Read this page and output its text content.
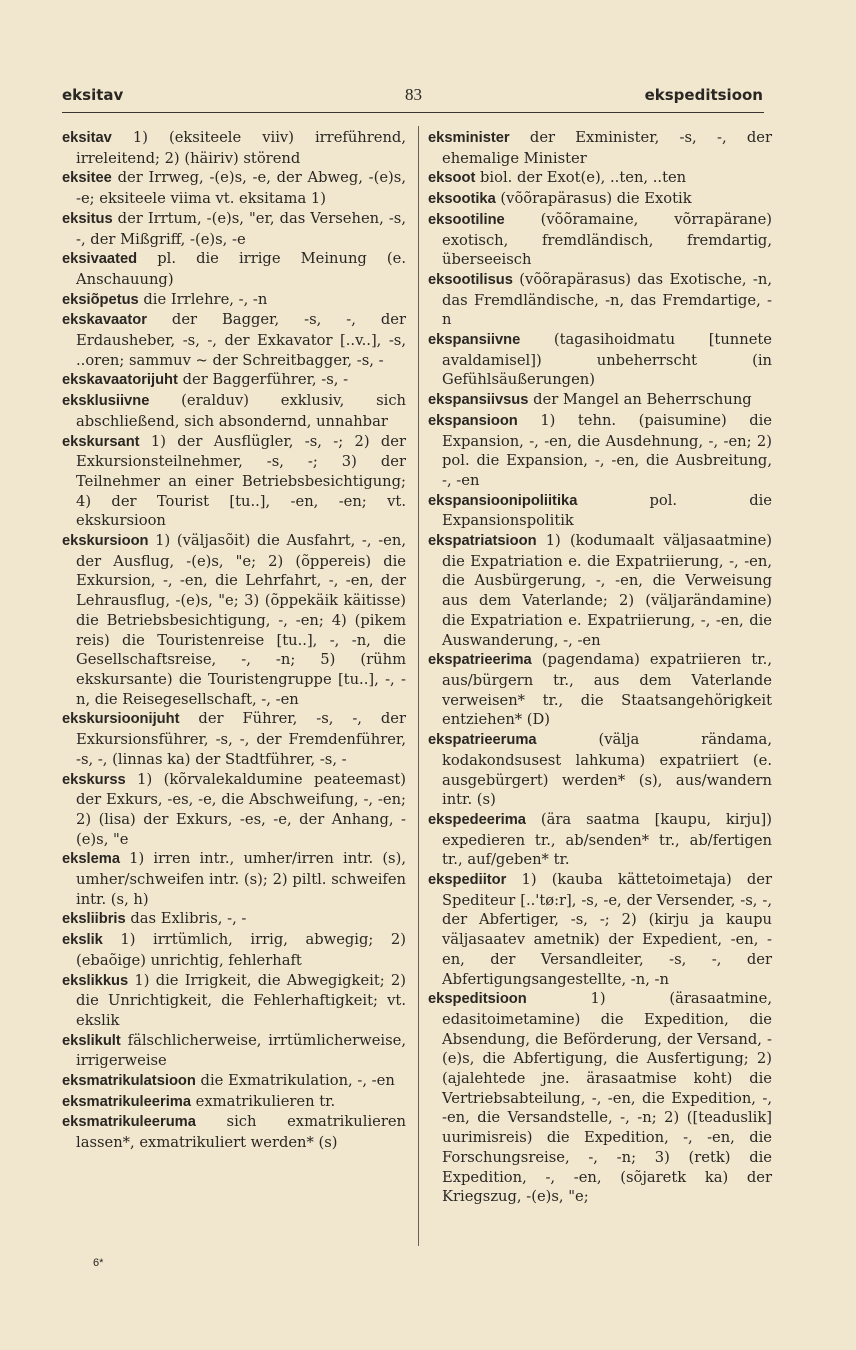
eksitav	83	ekspeditsioon

eksitav 1) (eksiteele viiv) irreführend, irreleitend; 2) (häiriv) störend

eksitee der Irrweg, -(e)s, -e, der Abweg, -(e)s, -e; eksiteele viima vt. eksitama 1)

eksitus der Irrtum, -(e)s, "er, das Versehen, -s, -, der Mißgriff, -(e)s, -e

eksivaated pl. die irrige Meinung (e. Anschauung)

eksiõpetus die Irrlehre, -, -n

ekskavaator der Bagger, -s, -, der Erdausheber, -s, -, der Exkavator [..v..], -s, ..oren; sammuv ~ der Schreitbagger, -s, -

ekskavaatorijuht der Baggerführer, -s, -

eksklusiivne (eralduv) exklusiv, sich abschließend, sich absondernd, unnahbar

ekskursant 1) der Ausflügler, -s, -; 2) der Exkursionsteilnehmer, -s, -; 3) der Teilnehmer an einer Betriebsbesichtigung; 4) der Tourist [tu..], -en, -en; vt. ekskursioon

ekskursioon 1) (väljasõit) die Ausfahrt, -, -en, der Ausflug, -(e)s, "e; 2) (õppereis) die Exkursion, -, -en, die Lehrfahrt, -, -en, der Lehrausflug, -(e)s, "e; 3) (õppekäik käitisse) die Betriebsbesichtigung, -, -en; 4) (pikem reis) die Touristenreise [tu..], -, -n, die Gesellschaftsreise, -, -n; 5) (rühm ekskursante) die Touristengruppe [tu..], -, -n, die Reisegesellschaft, -, -en

ekskursioonijuht der Führer, -s, -, der Exkursionsführer, -s, -, der Fremdenführer, -s, -, (linnas ka) der Stadtführer, -s, -

ekskurss 1) (kõrvalekaldumine peateemast) der Exkurs, -es, -e, die Abschweifung, -, -en; 2) (lisa) der Exkurs, -es, -e, der Anhang, -(e)s, "e

ekslema 1) irren intr., umher/irren intr. (s), umher/schweifen intr. (s); 2) piltl. schweifen intr. (s, h)

eksliibris das Exlibris, -, -

ekslik 1) irrtümlich, irrig, abwegig; 2) (ebaõige) unrichtig, fehlerhaft

ekslikkus 1) die Irrigkeit, die Abwegigkeit; 2) die Unrichtigkeit, die Fehlerhaftigkeit; vt. ekslik

ekslikult fälschlicherweise, irrtümlicherweise, irrigerweise

eksmatrikulatsioon die Exmatrikulation, -, -en

eksmatrikuleerima exmatrikulieren tr.

eksmatrikuleeruma sich exmatrikulieren lassen*, exmatrikuliert werden* (s)

eksminister der Exminister, -s, -, der ehemalige Minister

eksoot biol. der Exot(e), ..ten, ..ten

eksootika (võõrapärasus) die Exotik

eksootiline (võõramaine, võrrapärane) exotisch, fremdländisch, fremdartig, überseeisch

eksootilisus (võõrapärasus) das Exotische, -n, das Fremdländische, -n, das Fremdartige, -n

ekspansiivne (tagasihoidmatu [tunnete avaldamisel]) unbeherrscht (in Gefühlsäußerungen)

ekspansiivsus der Mangel an Beherrschung

ekspansioon 1) tehn. (paisumine) die Expansion, -, -en, die Ausdehnung, -, -en; 2) pol. die Expansion, -, -en, die Ausbreitung, -, -en

ekspansioonipoliitika pol. die Expansionspolitik

ekspatriatsioon 1) (kodumaalt väljasaatmine) die Expatriation e. die Expatriierung, -, -en, die Ausbürgerung, -, -en, die Verweisung aus dem Vaterlande; 2) (väljarändamine) die Expatriation e. Expatriierung, -, -en, die Auswanderung, -, -en

ekspatrieerima (pagendama) expatriieren tr., aus/bürgern tr., aus dem Vaterlande verweisen* tr., die Staatsangehörigkeit entziehen* (D)

ekspatrieeruma (välja rändama, kodakondsusest lahkuma) expatriiert (e. ausgebürgert) werden* (s), aus/wandern intr. (s)

ekspedeerima (ära saatma [kaupu, kirju]) expedieren tr., ab/senden* tr., ab/fertigen tr., auf/geben* tr.

ekspediitor 1) (kauba kättetoimetaja) der Spediteur [..'tø:r], -s, -e, der Versender, -s, -, der Abfertiger, -s, -; 2) (kirju ja kaupu väljasaatev ametnik) der Expedient, -en, -en, der Versandleiter, -s, -, der Abfertigungsangestellte, -n, -n

ekspeditsioon 1) (ärasaatmine, edasitoimetamine) die Expedition, die Absendung, die Beförderung, der Versand, -(e)s, die Abfertigung, die Ausfertigung; 2) (ajalehtede jne. ärasaatmise koht) die Vertriebsabteilung, -, -en, die Expedition, -, -en, die Versandstelle, -, -n; 2) ([teaduslik] uurimisreis) die Expedition, -, -en, die Forschungsreise, -, -n; 3) (retk) die Expedition, -, -en, (sõjaretk ka) der Kriegszug, -(e)s, "e;

6*
